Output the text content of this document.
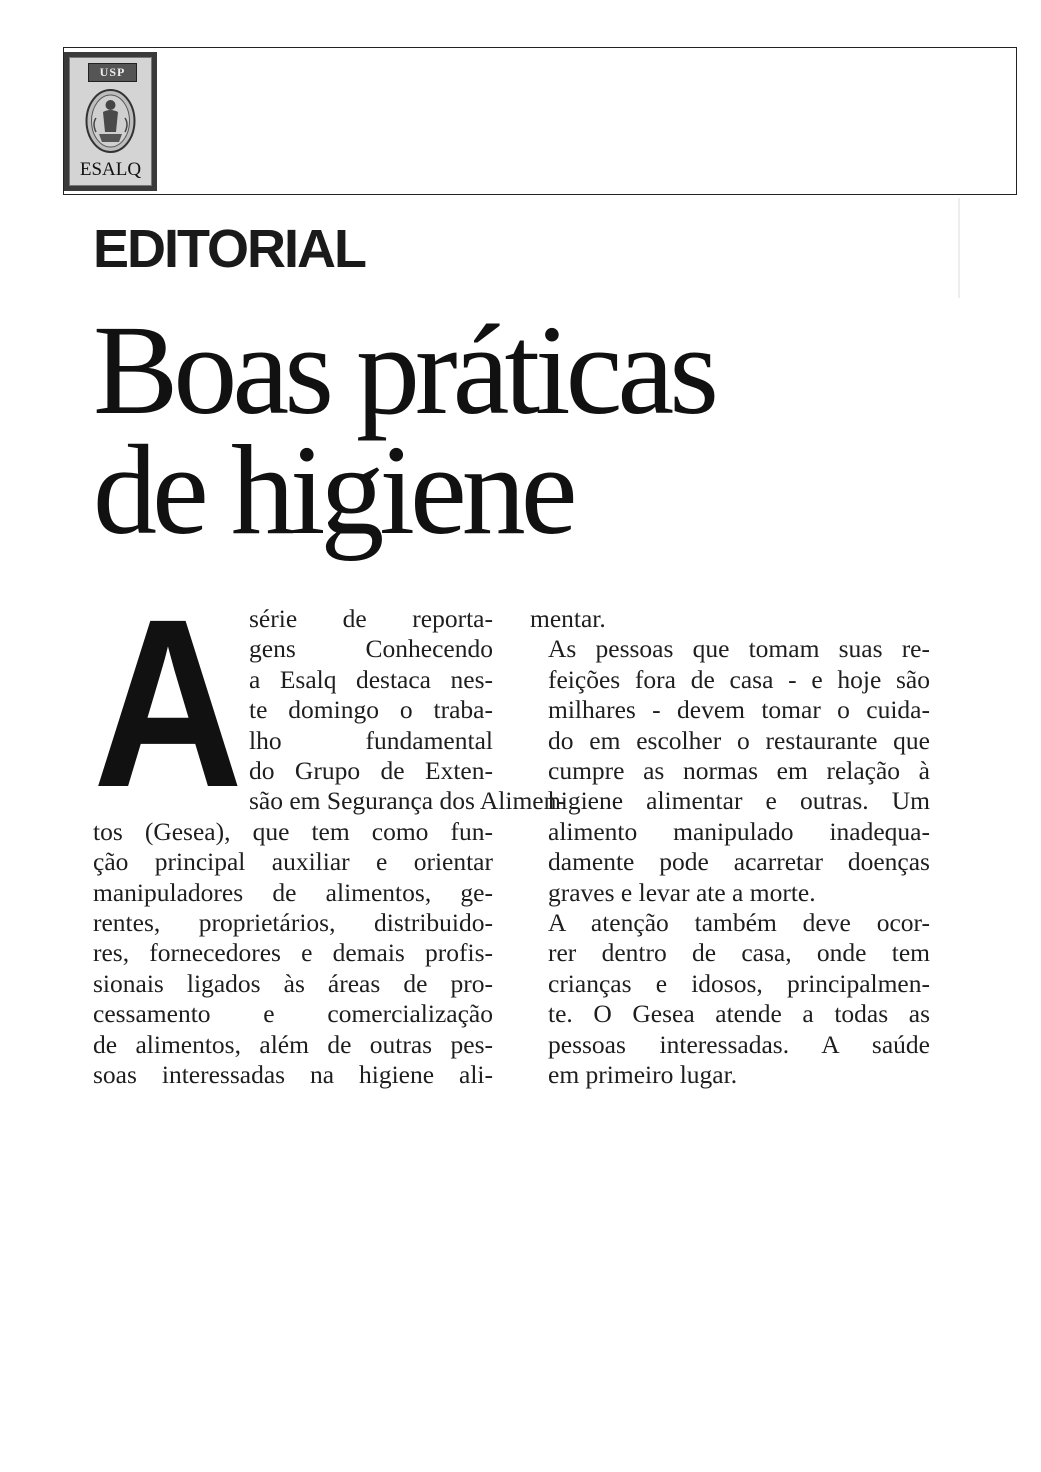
USP
ESALQ
EDITORIAL
Boas práticas
de higiene
A série de reporta-
gens Conhecendo
a Esalq destaca nes-
te domingo o traba-
lho fundamental
do Grupo de Exten-
são em Segurança dos Alimen-
tos (Gesea), que tem como fun-
ção principal auxiliar e orientar
manipuladores de alimentos, ge-
rentes, proprietários, distribuido-
res, fornecedores e demais profis-
sionais ligados às áreas de pro-
cessamento e comercialização
de alimentos, além de outras pes-
soas interessadas na higiene ali-

mentar.

As pessoas que tomam suas re-
feições fora de casa - e hoje são
milhares - devem tomar o cuida-
do em escolher o restaurante que
cumpre as normas em relação à
higiene alimentar e outras. Um
alimento manipulado inadequa-
damente pode acarretar doenças
graves e levar ate a morte.

A atenção também deve ocor-
rer dentro de casa, onde tem
crianças e idosos, principalmen-
te. O Gesea atende a todas as
pessoas interessadas. A saúde
em primeiro lugar.
